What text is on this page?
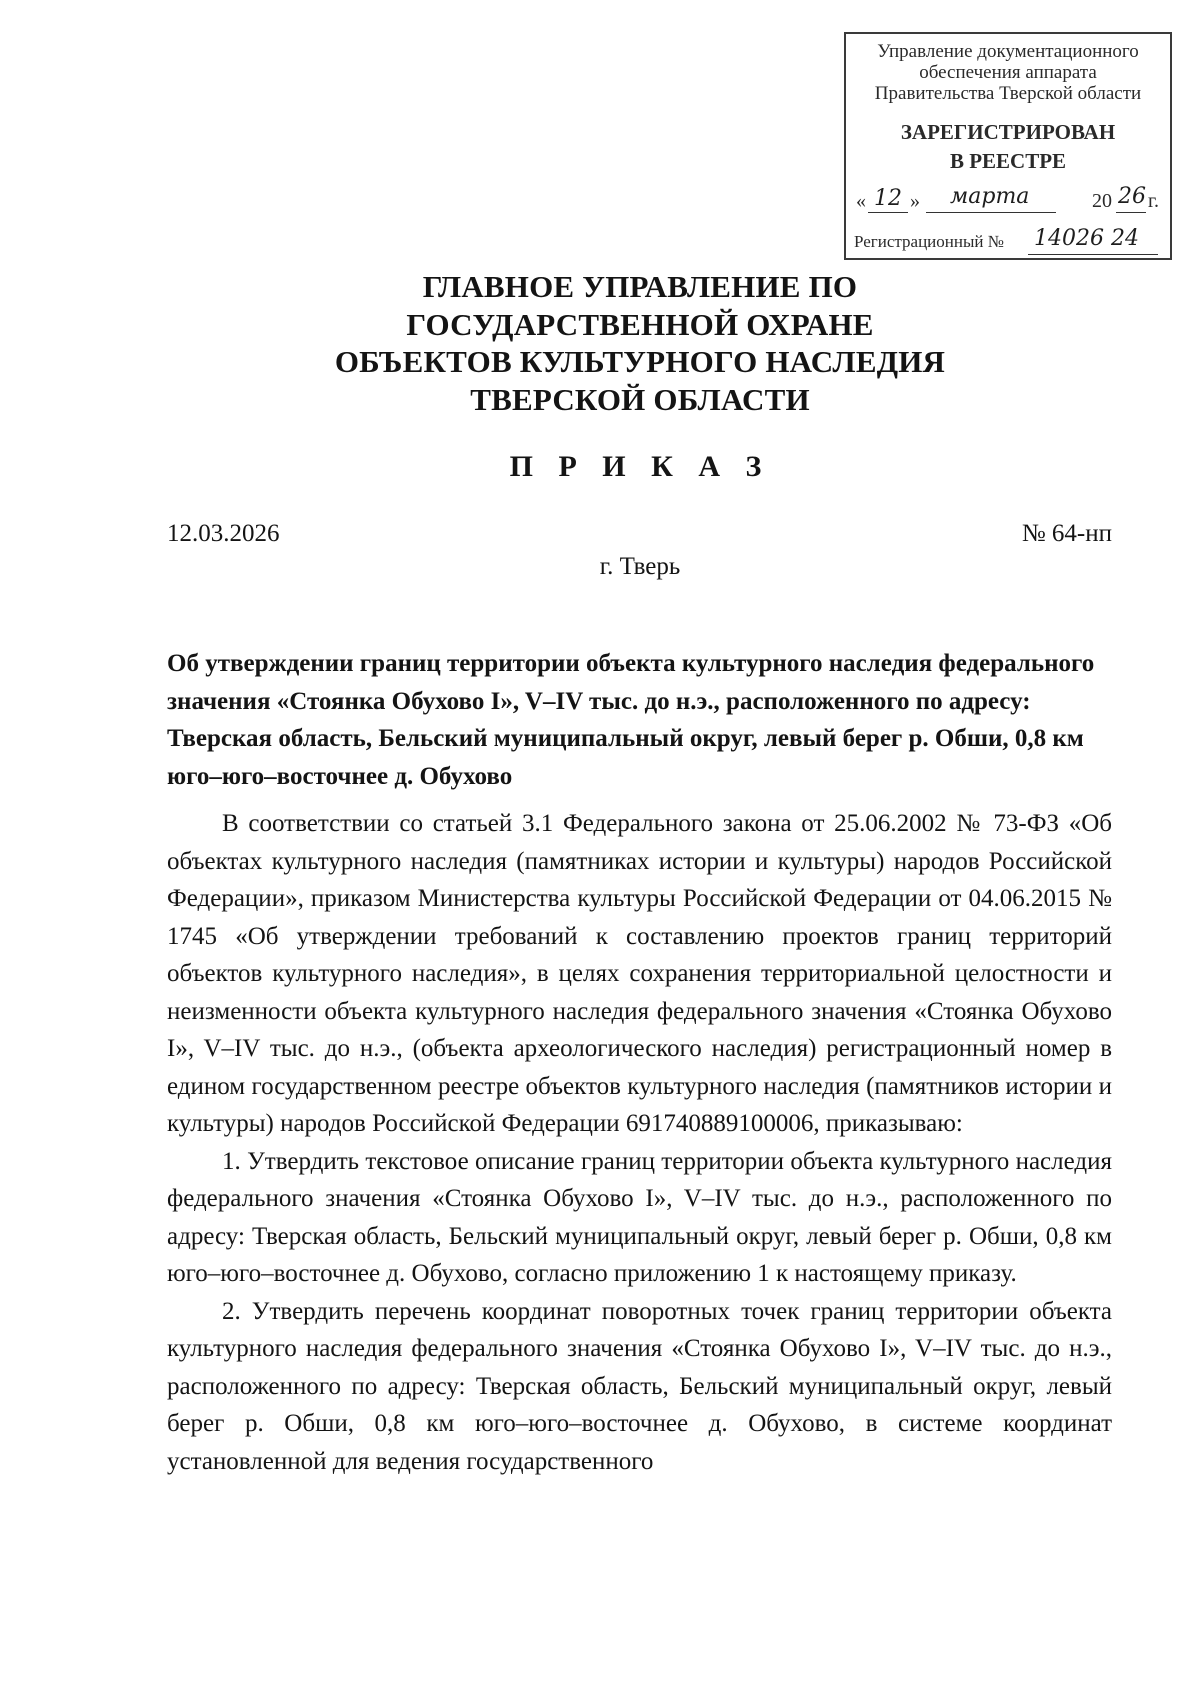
Управление документационного
обеспечения аппарата
Правительства Тверской области
ЗАРЕГИСТРИРОВАН
В РЕЕСТРЕ
« 12 » марта	20 26 г.
Регистрационный № 14026 24
ГЛАВНОЕ УПРАВЛЕНИЕ ПО
ГОСУДАРСТВЕННОЙ ОХРАНЕ
ОБЪЕКТОВ КУЛЬТУРНОГО НАСЛЕДИЯ
ТВЕРСКОЙ ОБЛАСТИ
П Р И К А З
12.03.2026	№ 64-нп
г. Тверь
Об утверждении границ территории объекта культурного наследия федерального значения «Стоянка Обухово I», V–IV тыс. до н.э., расположенного по адресу: Тверская область, Бельский муниципальный округ, левый берег р. Обши, 0,8 км юго–юго–восточнее д. Обухово

В соответствии со статьей 3.1 Федерального закона от 25.06.2002 № 73-ФЗ «Об объектах культурного наследия (памятниках истории и культуры) народов Российской Федерации», приказом Министерства культуры Российской Федерации от 04.06.2015 № 1745 «Об утверждении требований к составлению проектов границ территорий объектов культурного наследия», в целях сохранения территориальной целостности и неизменности объекта культурного наследия федерального значения «Стоянка Обухово I», V–IV тыс. до н.э., (объекта археологического наследия) регистрационный номер в едином государственном реестре объектов культурного наследия (памятников истории и культуры) народов Российской Федерации 691740889100006, приказываю:

1. Утвердить текстовое описание границ территории объекта культурного наследия федерального значения «Стоянка Обухово I», V–IV тыс. до н.э., расположенного по адресу: Тверская область, Бельский муниципальный округ, левый берег р. Обши, 0,8 км юго–юго–восточнее д. Обухово, согласно приложению 1 к настоящему приказу.

2. Утвердить перечень координат поворотных точек границ территории объекта культурного наследия федерального значения «Стоянка Обухово I», V–IV тыс. до н.э., расположенного по адресу: Тверская область, Бельский муниципальный округ, левый берег р. Обши, 0,8 км юго–юго–восточнее д. Обухово, в системе координат установленной для ведения государственного
